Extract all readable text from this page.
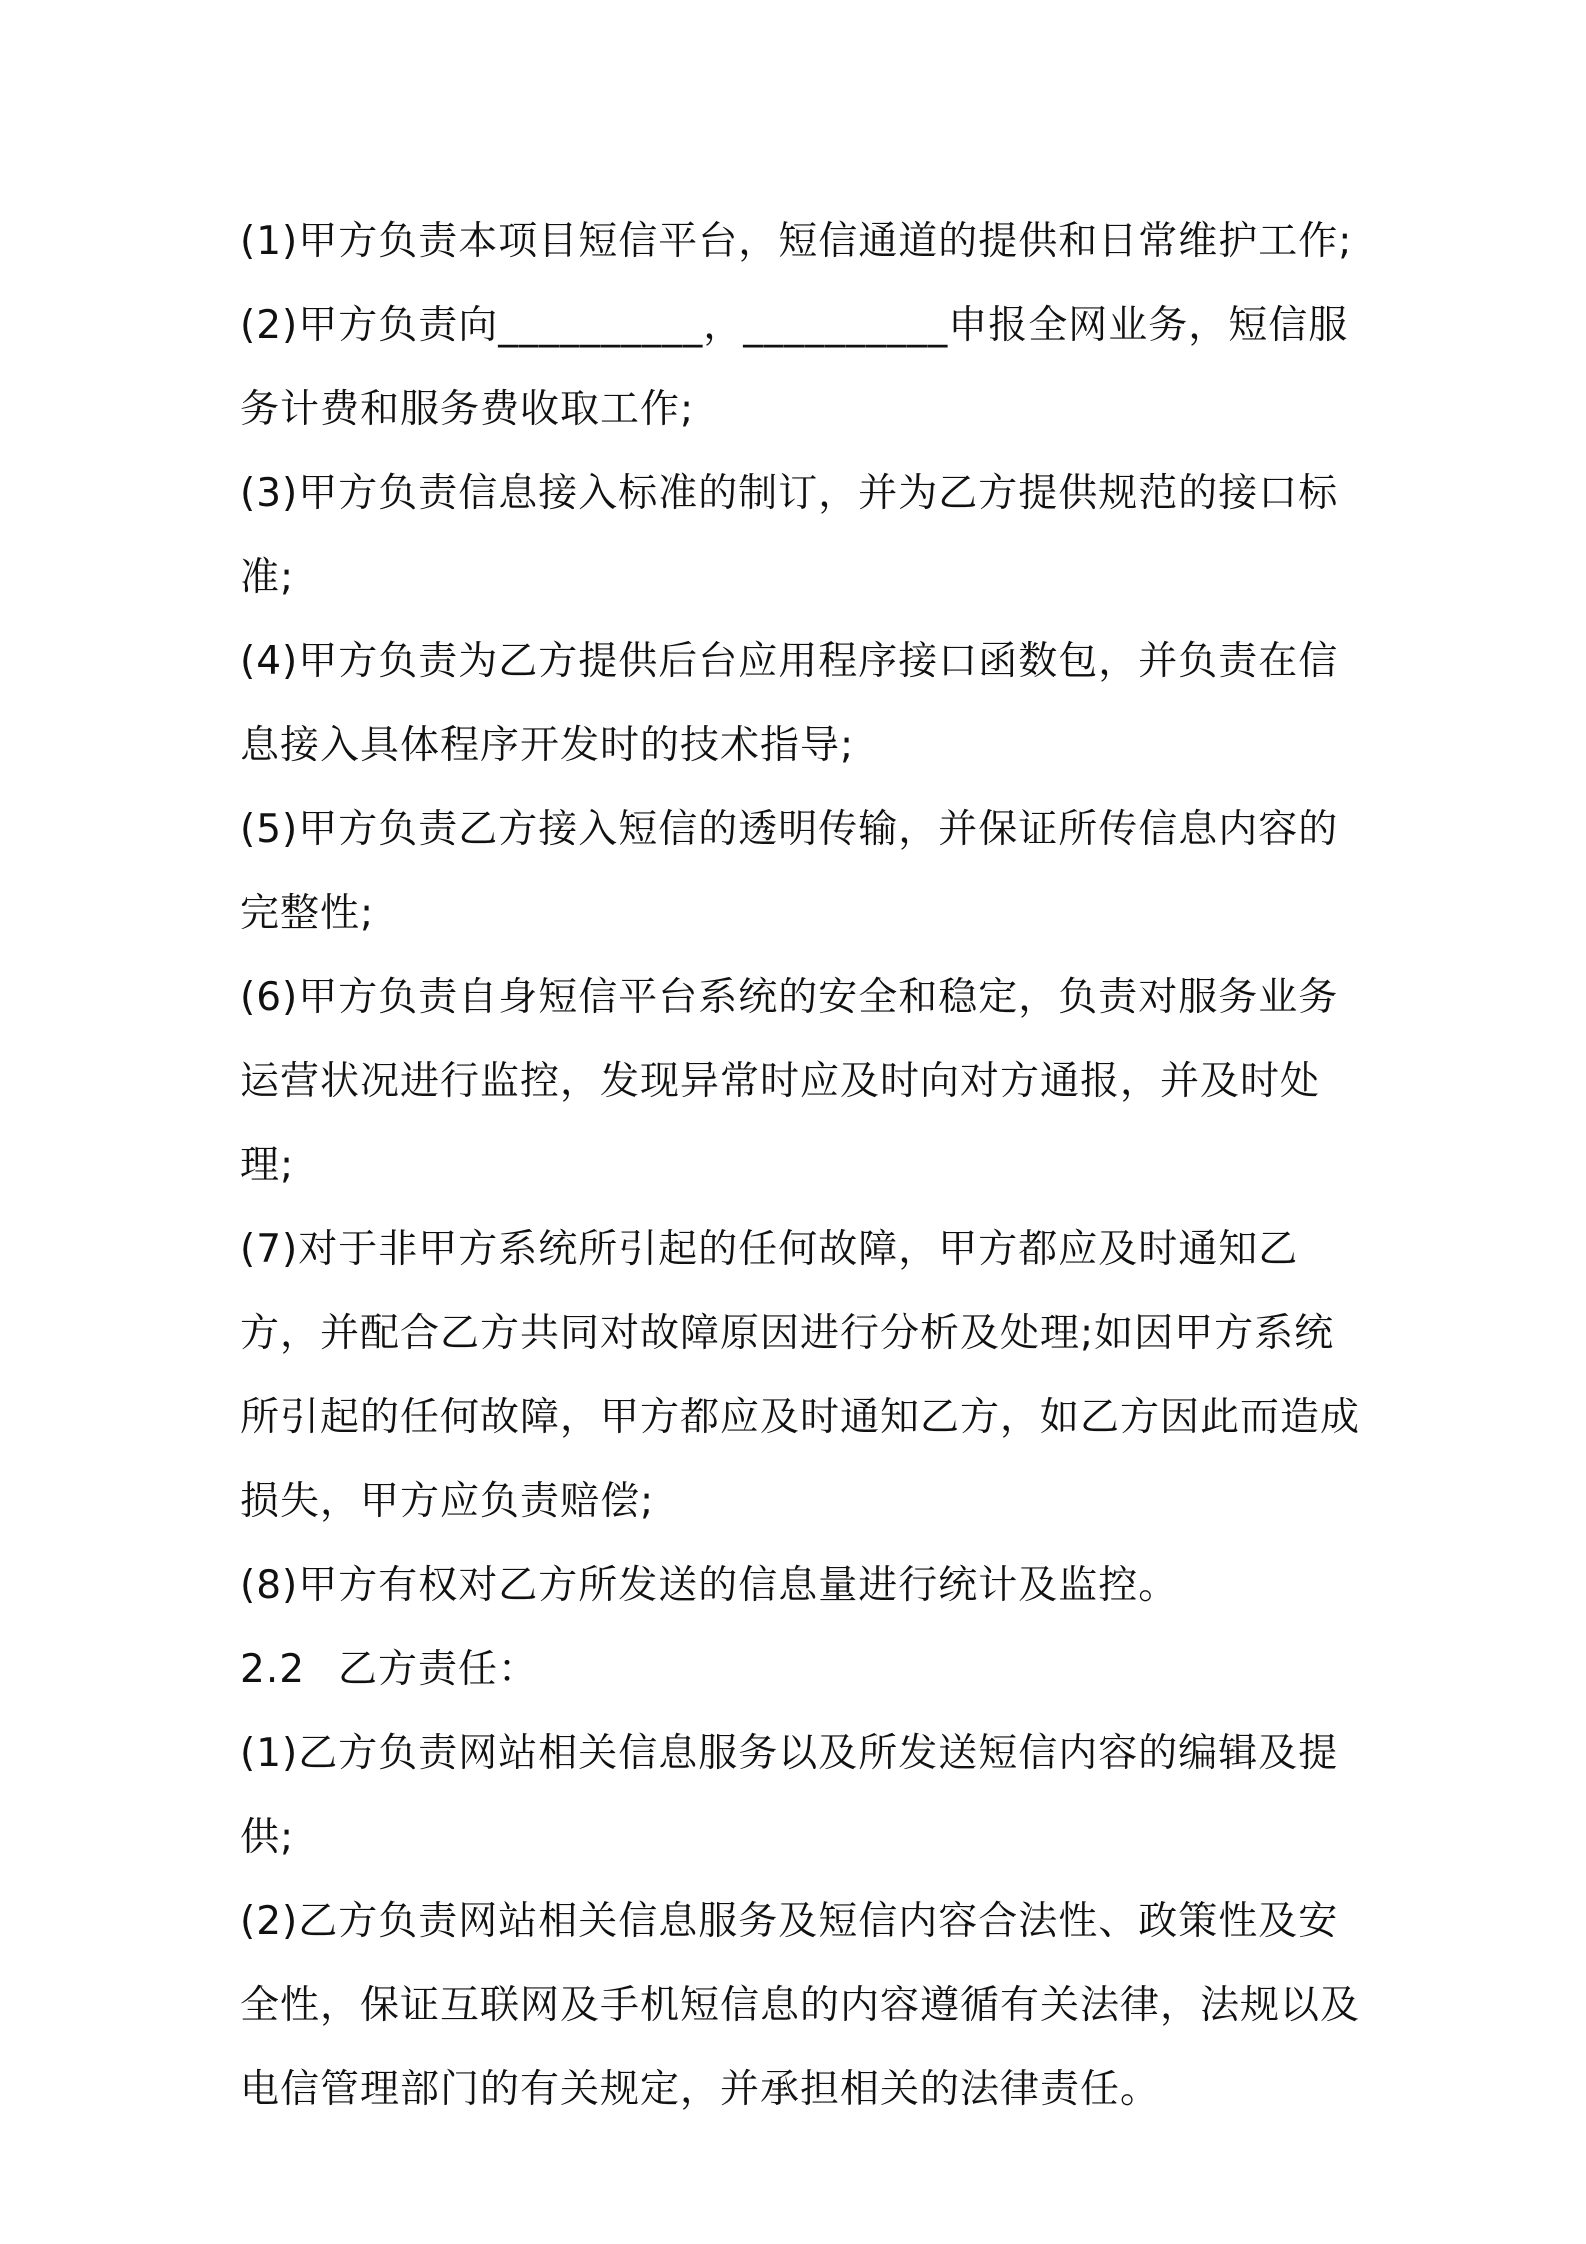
(1)甲方负责本项目短信平台，短信通道的提供和日常维护工作;

(2)甲方负责向__________，__________申报全网业务，短信服务计费和服务费收取工作;

(3)甲方负责信息接入标准的制订，并为乙方提供规范的接口标准;

(4)甲方负责为乙方提供后台应用程序接口函数包，并负责在信息接入具体程序开发时的技术指导;

(5)甲方负责乙方接入短信的透明传输，并保证所传信息内容的完整性;

(6)甲方负责自身短信平台系统的安全和稳定，负责对服务业务运营状况进行监控，发现异常时应及时向对方通报，并及时处理;

(7)对于非甲方系统所引起的任何故障，甲方都应及时通知乙方，并配合乙方共同对故障原因进行分析及处理;如因甲方系统所引起的任何故障，甲方都应及时通知乙方，如乙方因此而造成损失，甲方应负责赔偿;

(8)甲方有权对乙方所发送的信息量进行统计及监控。

2.2 乙方责任：

(1)乙方负责网站相关信息服务以及所发送短信内容的编辑及提供;

(2)乙方负责网站相关信息服务及短信内容合法性、政策性及安全性，保证互联网及手机短信息的内容遵循有关法律，法规以及电信管理部门的有关规定，并承担相关的法律责任。
